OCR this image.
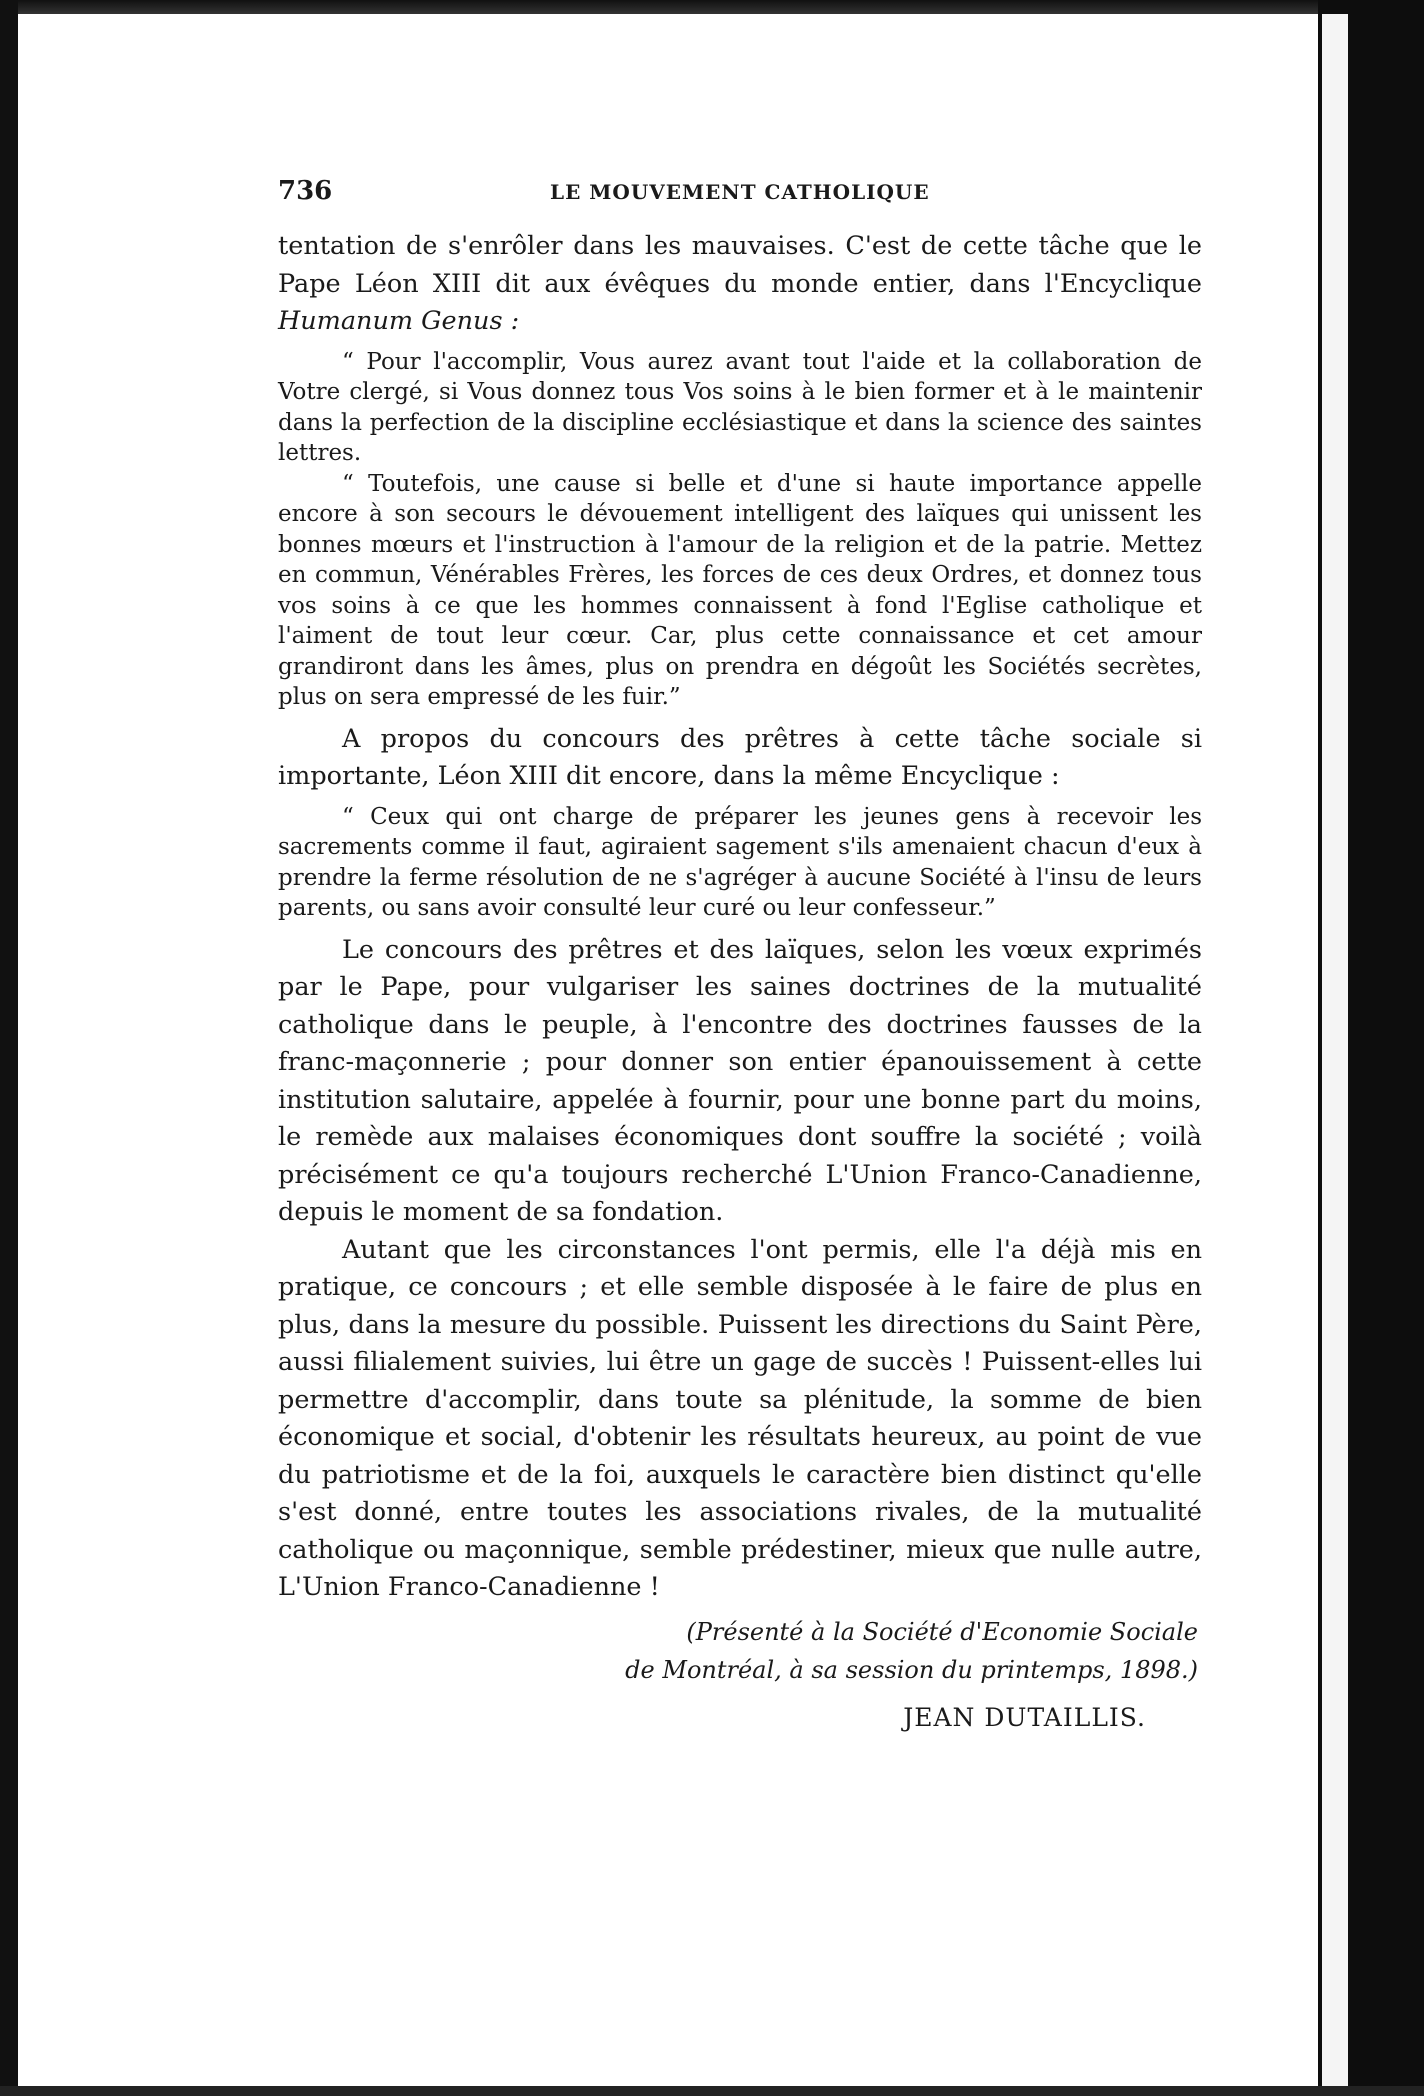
736	LE MOUVEMENT CATHOLIQUE

tentation de s'enrôler dans les mauvaises. C'est de cette tâche que le Pape Léon XIII dit aux évêques du monde entier, dans l'Encyclique Humanum Genus :

“ Pour l'accomplir, Vous aurez avant tout l'aide et la collaboration de Votre clergé, si Vous donnez tous Vos soins à le bien former et à le maintenir dans la perfection de la discipline ecclésiastique et dans la science des saintes lettres.

“ Toutefois, une cause si belle et d'une si haute importance appelle encore à son secours le dévouement intelligent des laïques qui unissent les bonnes mœurs et l'instruction à l'amour de la religion et de la patrie. Mettez en commun, Vénérables Frères, les forces de ces deux Ordres, et donnez tous vos soins à ce que les hommes connaissent à fond l'Eglise catholique et l'aiment de tout leur cœur. Car, plus cette connaissance et cet amour grandiront dans les âmes, plus on prendra en dégoût les Sociétés secrètes, plus on sera empressé de les fuir.”

A propos du concours des prêtres à cette tâche sociale si importante, Léon XIII dit encore, dans la même Encyclique :

“ Ceux qui ont charge de préparer les jeunes gens à recevoir les sacrements comme il faut, agiraient sagement s'ils amenaient chacun d'eux à prendre la ferme résolution de ne s'agréger à aucune Société à l'insu de leurs parents, ou sans avoir consulté leur curé ou leur confesseur.”

Le concours des prêtres et des laïques, selon les vœux exprimés par le Pape, pour vulgariser les saines doctrines de la mutualité catholique dans le peuple, à l'encontre des doctrines fausses de la franc-maçonnerie ; pour donner son entier épanouissement à cette institution salutaire, appelée à fournir, pour une bonne part du moins, le remède aux malaises économiques dont souffre la société ; voilà précisément ce qu'a toujours recherché L'Union Franco-Canadienne, depuis le moment de sa fondation.

Autant que les circonstances l'ont permis, elle l'a déjà mis en pratique, ce concours ; et elle semble disposée à le faire de plus en plus, dans la mesure du possible. Puissent les directions du Saint Père, aussi filialement suivies, lui être un gage de succès ! Puissent-elles lui permettre d'accomplir, dans toute sa plénitude, la somme de bien économique et social, d'obtenir les résultats heureux, au point de vue du patriotisme et de la foi, auxquels le caractère bien distinct qu'elle s'est donné, entre toutes les associations rivales, de la mutualité catholique ou maçonnique, semble prédestiner, mieux que nulle autre, L'Union Franco-Canadienne !

(Présenté à la Société d'Economie Sociale
de Montréal, à sa session du printemps, 1898.)
JEAN DUTAILLIS.
